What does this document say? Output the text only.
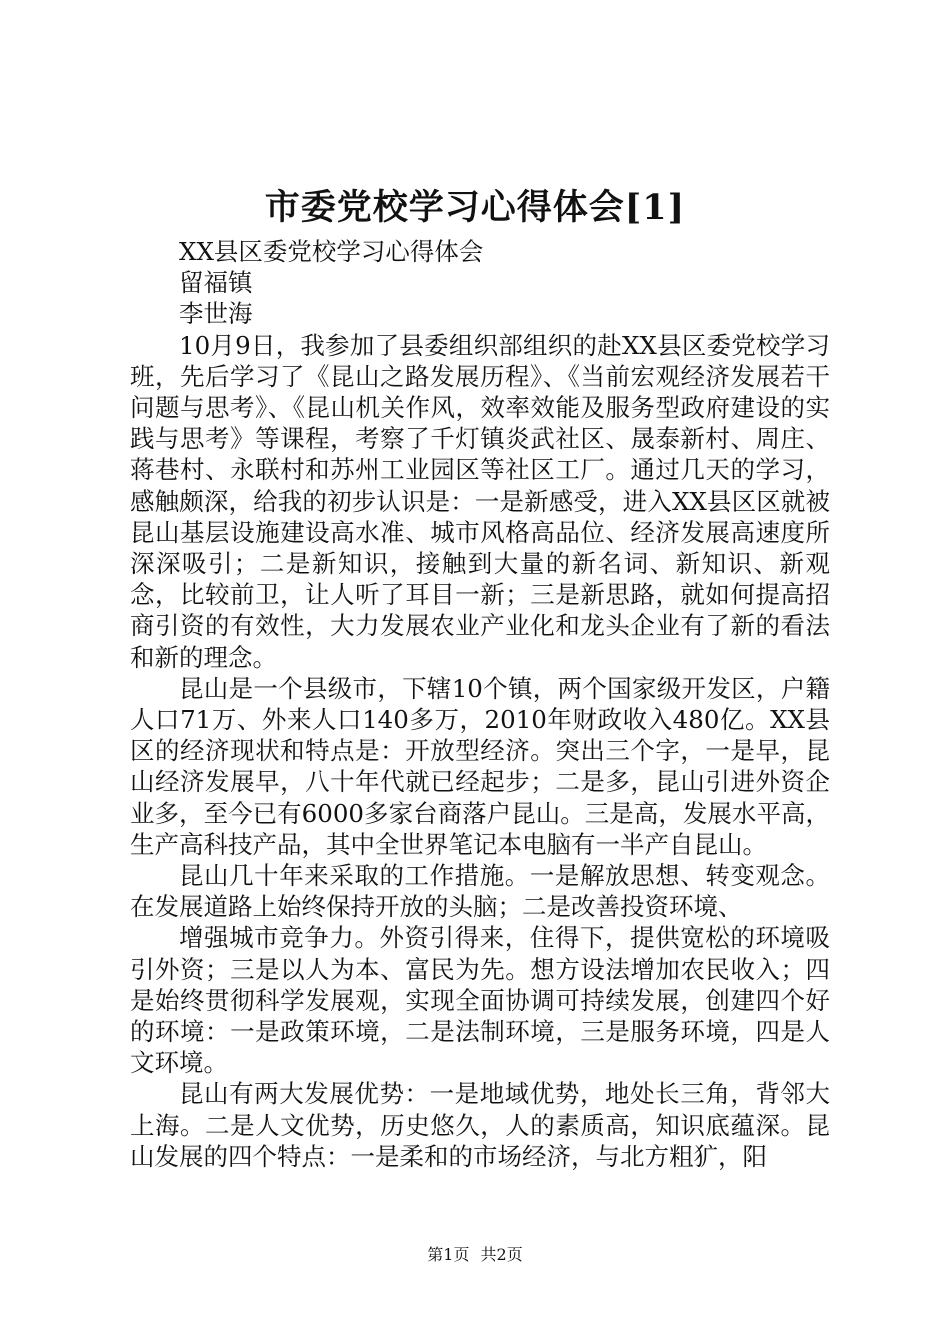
市委党校学习心得体会[1]

XX县区委党校学习心得体会

留福镇

李世海

10月9日，我参加了县委组织部组织的赴XX县区委党校学习班，先后学习了《昆山之路发展历程》、《当前宏观经济发展若干问题与思考》、《昆山机关作风，效率效能及服务型政府建设的实践与思考》等课程，考察了千灯镇炎武社区、晟泰新村、周庄、蒋巷村、永联村和苏州工业园区等社区工厂。通过几天的学习，感触颇深，给我的初步认识是：一是新感受，进入XX县区区就被昆山基层设施建设高水准、城市风格高品位、经济发展高速度所深深吸引；二是新知识，接触到大量的新名词、新知识、新观念，比较前卫，让人听了耳目一新；三是新思路，就如何提高招商引资的有效性，大力发展农业产业化和龙头企业有了新的看法和新的理念。

昆山是一个县级市，下辖10个镇，两个国家级开发区，户籍人口71万、外来人口140多万，2010年财政收入480亿。XX县区的经济现状和特点是：开放型经济。突出三个字，一是早，昆山经济发展早，八十年代就已经起步；二是多，昆山引进外资企业多，至今已有6000多家台商落户昆山。三是高，发展水平高，生产高科技产品，其中全世界笔记本电脑有一半产自昆山。

昆山几十年来采取的工作措施。一是解放思想、转变观念。在发展道路上始终保持开放的头脑；二是改善投资环境、

增强城市竞争力。外资引得来，住得下，提供宽松的环境吸引外资；三是以人为本、富民为先。想方设法增加农民收入；四是始终贯彻科学发展观，实现全面协调可持续发展，创建四个好的环境：一是政策环境，二是法制环境，三是服务环境，四是人文环境。

昆山有两大发展优势：一是地域优势，地处长三角，背邻大上海。二是人文优势，历史悠久，人的素质高，知识底蕴深。昆山发展的四个特点：一是柔和的市场经济，与北方粗犷，阳

第1页 共2页
